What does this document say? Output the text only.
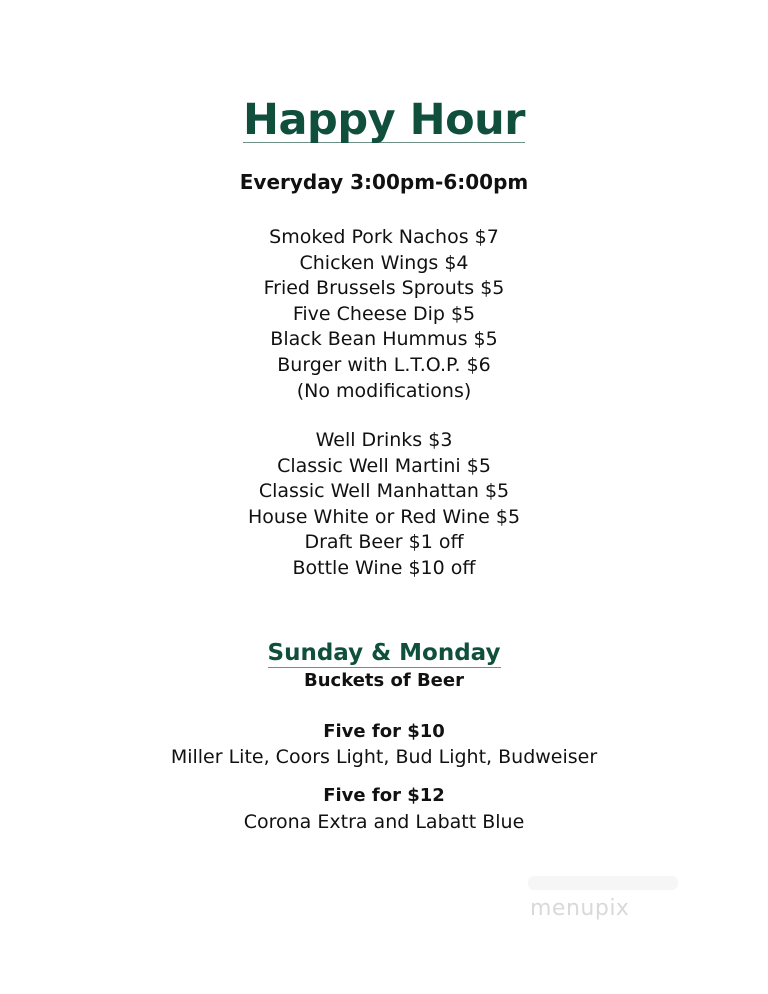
Happy Hour
Everyday 3:00pm-6:00pm
Smoked Pork Nachos $7
Chicken Wings $4
Fried Brussels Sprouts $5
Five Cheese Dip $5
Black Bean Hummus $5
Burger with L.T.O.P. $6
(No modifications)
Well Drinks $3
Classic Well Martini $5
Classic Well Manhattan $5
House White or Red Wine $5
Draft Beer $1 off
Bottle Wine $10 off
Sunday & Monday
Buckets of Beer
Five for $10
Miller Lite, Coors Light, Bud Light, Budweiser
Five for $12
Corona Extra and Labatt Blue
menupix
